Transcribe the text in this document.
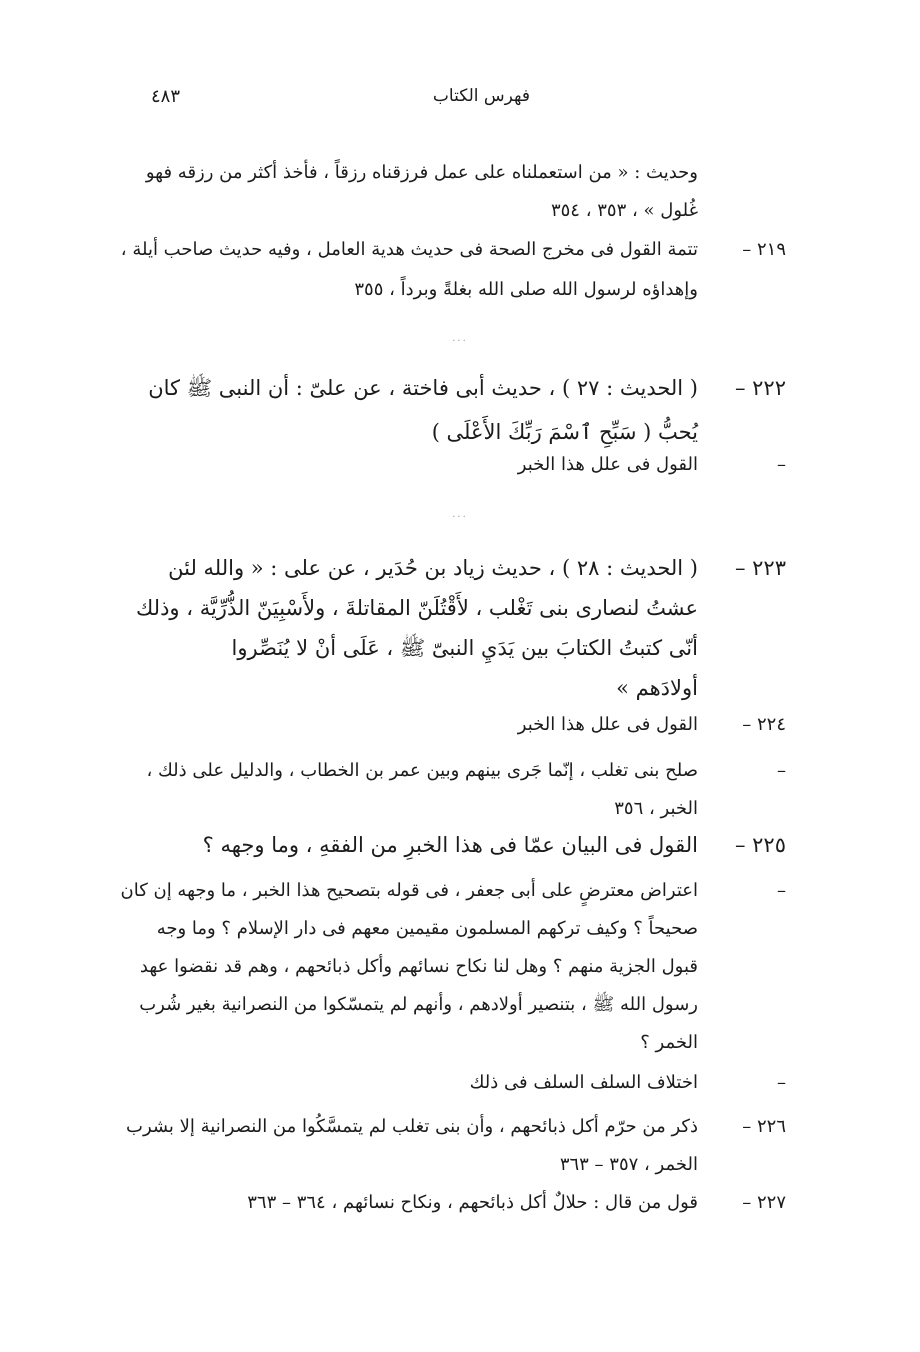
فهرس الكتاب
٤٨٣
وحديث : « من استعملناه على عمل فرزقناه رزقاً ، فأخذ أكثر من رزقه فهو
غُلول » ، ٣٥٣ ، ٣٥٤
٢١٩ –
تتمة القول فى مخرج الصحة فى حديث هدية العامل ، وفيه حديث صاحب أيلة ،
وإهداؤه لرسول الله صلى الله بغلةً وبرداً ، ٣٥٥
···
٢٢٢ –
( الحديث : ٢٧ ) ، حديث أبى فاختة ، عن علىّ : أن النبى ﷺ كان
يُحبُّ ( سَبِّحِ ٱسْمَ رَبِّكَ الأَعْلَى )
–
القول فى علل هذا الخبر
···
٢٢٣ –
( الحديث : ٢٨ ) ، حديث زياد بن حُدَير ، عن على : « والله لئن
عشتُ لنصارى بنى تَغْلب ، لأَقْتُلَنّ المقاتلةَ ، ولأَسْبِيَنّ الذُّرِّيَّة ، وذلك
أنّى كتبتُ الكتابَ بين يَدَيِ النبىّ ﷺ ، عَلَى أنْ لا يُنَصِّروا
أولادَهم »
٢٢٤ –
القول فى علل هذا الخبر
–
صلح بنى تغلب ، إنّما جَرى بينهم وبين عمر بن الخطاب ، والدليل على ذلك ،
الخبر ، ٣٥٦
٢٢٥ –
القول فى البيان عمّا فى هذا الخبرِ من الفقهِ ، وما وجهه ؟
–
اعتراض معترضٍ على أبى جعفر ، فى قوله بتصحيح هذا الخبر ، ما وجهه إن كان
صحيحاً ؟ وكيف تركهم المسلمون مقيمين معهم فى دار الإسلام ؟ وما وجه
قبول الجزية منهم ؟ وهل لنا نكاح نسائهم وأكل ذبائحهم ، وهم قد نقضوا عهد
رسول الله ﷺ ، بتنصير أولادهم ، وأنهم لم يتمسّكوا من النصرانية بغير شُرب
الخمر ؟
–
اختلاف السلف السلف فى ذلك
٢٢٦ –
ذكر من حرّم أكل ذبائحهم ، وأن بنى تغلب لم يتمسَّكُوا من النصرانية إلا بشرب
الخمر ، ٣٥٧ – ٣٦٣
٢٢٧ –
قول من قال : حلالٌ أكل ذبائحهم ، ونكاح نسائهم ، ٣٦٤ – ٣٦٣
